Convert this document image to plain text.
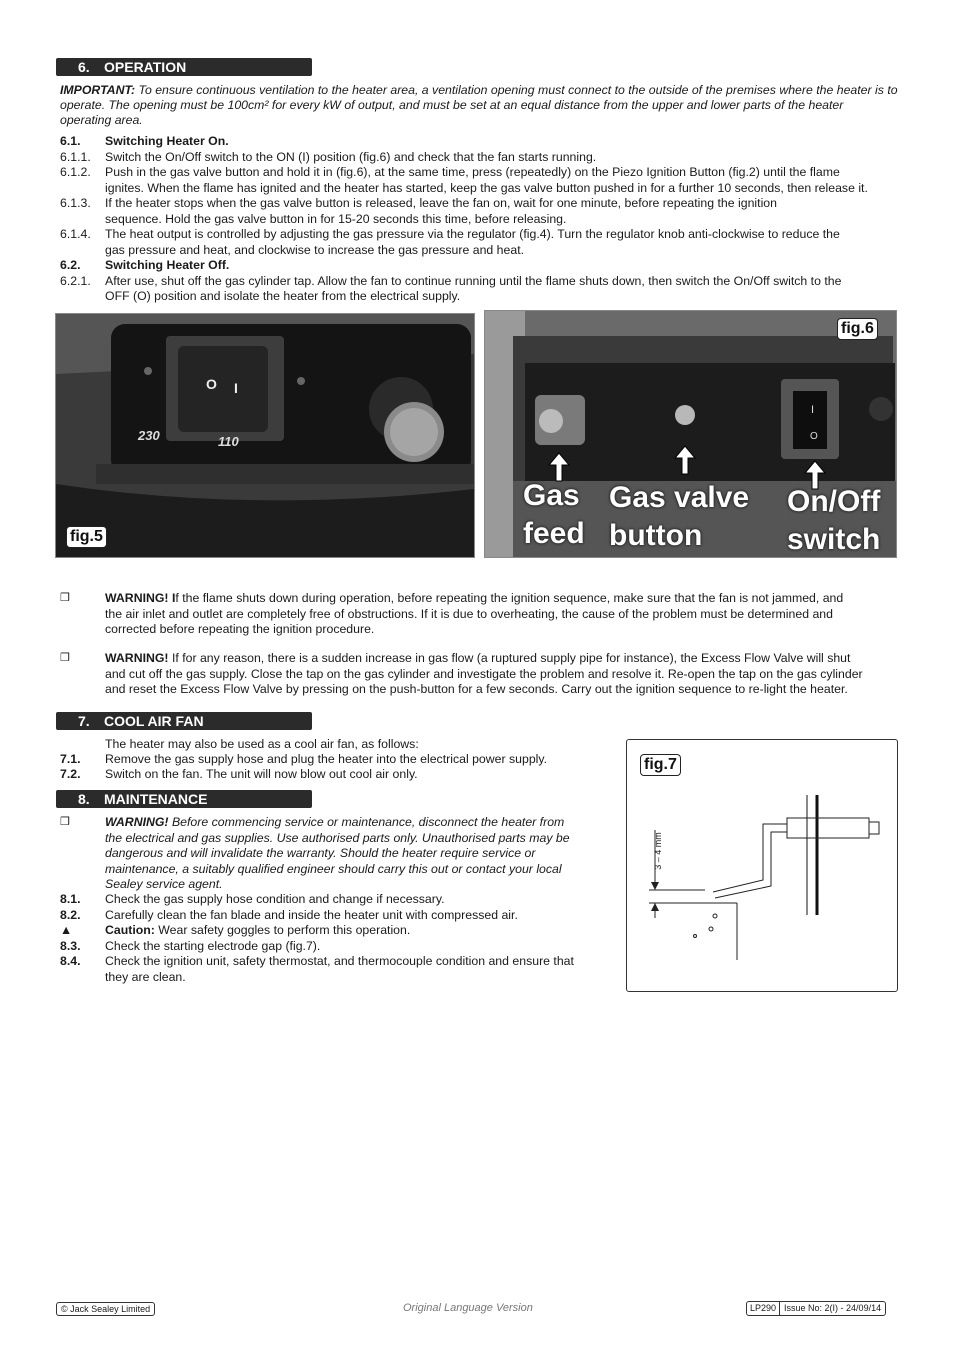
6. OPERATION
IMPORTANT: To ensure continuous ventilation to the heater area, a ventilation opening must connect to the outside of the premises where the heater is to
operate. The opening must be 100cm² for every kW of output, and must be set at an equal distance from the upper and lower parts of the heater
operating area.
6.1. Switching Heater On.
6.1.1. Switch the On/Off switch to the ON (I) position (fig.6) and check that the fan starts running.
6.1.2. Push in the gas valve button and hold it in (fig.6), at the same time, press (repeatedly) on the Piezo Ignition Button (fig.2) until the flame
ignites. When the flame has ignited and the heater has started, keep the gas valve button pushed in for a further 10 seconds, then release it.
6.1.3. If the heater stops when the gas valve button is released, leave the fan on, wait for one minute, before repeating the ignition
sequence. Hold the gas valve button in for 15-20 seconds this time, before releasing.
6.1.4. The heat output is controlled by adjusting the gas pressure via the regulator (fig.4). Turn the regulator knob anti-clockwise to reduce the
gas pressure and heat, and clockwise to increase the gas pressure and heat.
6.2. Switching Heater Off.
6.2.1. After use, shut off the gas cylinder tap. Allow the fan to continue running until the flame shuts down, then switch the On/Off switch to the
OFF (O) position and isolate the heater from the electrical supply.
O I
230	110
fig.5
I
O
Gas
feed
Gas valve
button
On/Off
switch
fig.6
❒	WARNING! If the flame shuts down during operation, before repeating the ignition sequence, make sure that the fan is not jammed, and
the air inlet and outlet are completely free of obstructions. If it is due to overheating, the cause of the problem must be determined and
corrected before repeating the ignition procedure.
❒	WARNING! If for any reason, there is a sudden increase in gas flow (a ruptured supply pipe for instance), the Excess Flow Valve will shut
and cut off the gas supply. Close the tap on the gas cylinder and investigate the problem and resolve it. Re-open the tap on the gas cylinder
and reset the Excess Flow Valve by pressing on the push-button for a few seconds. Carry out the ignition sequence to re-light the heater.
7. COOL AIR FAN
The heater may also be used as a cool air fan, as follows:
7.1. Remove the gas supply hose and plug the heater into the electrical power supply.
7.2. Switch on the fan. The unit will now blow out cool air only.
8. MAINTENANCE
❒	WARNING! Before commencing service or maintenance, disconnect the heater from
the electrical and gas supplies. Use authorised parts only. Unauthorised parts may be
dangerous and will invalidate the warranty. Should the heater require service or
maintenance, a suitably qualified engineer should carry this out or contact your local
Sealey service agent.
8.1. Check the gas supply hose condition and change if necessary.
8.2. Carefully clean the fan blade and inside the heater unit with compressed air.
▲	Caution: Wear safety goggles to perform this operation.
8.3. Check the starting electrode gap (fig.7).
8.4. Check the ignition unit, safety thermostat, and thermocouple condition and ensure that
they are clean.
fig.7
3 – 4 mm
© Jack Sealey Limited	Original Language Version	LP290 Issue No: 2(I) - 24/09/14
